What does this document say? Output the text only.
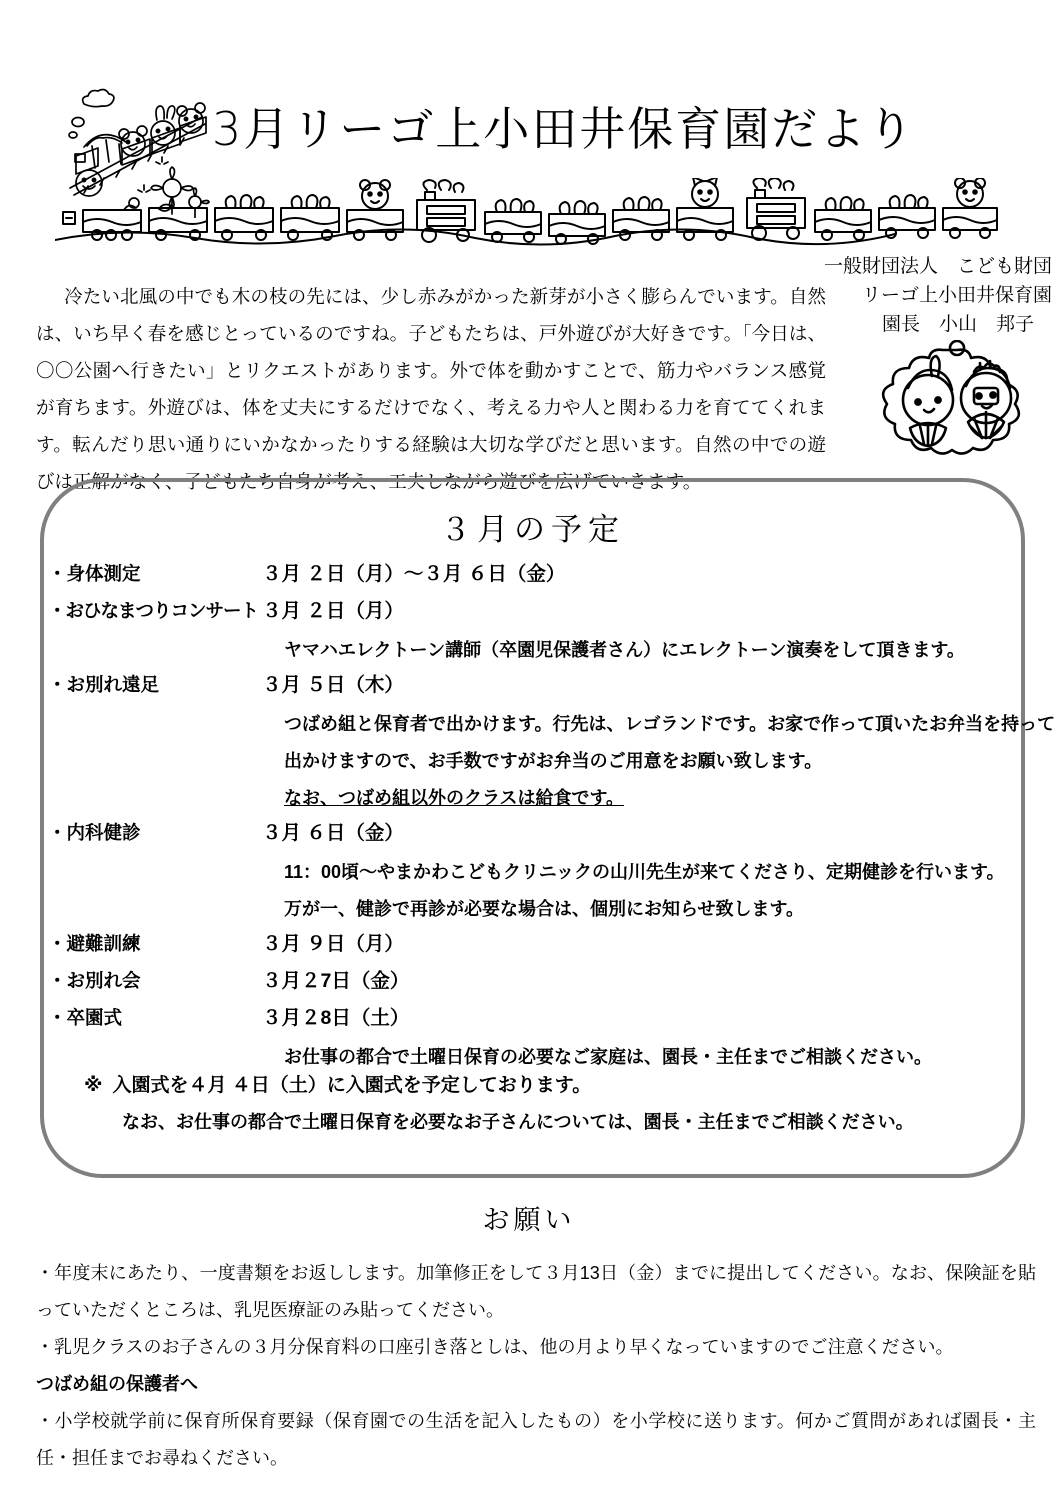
3月リーゴ上小田井保育園だより
一般財団法人　こども財団
リーゴ上小田井保育園
園長　小山　邦子
冷たい北風の中でも木の枝の先には、少し赤みがかった新芽が小さく膨らんでいます。自然は、いち早く春を感じとっているのですね。子どもたちは、戸外遊びが大好きです。「今日は、〇〇公園へ行きたい」とリクエストがあります。外で体を動かすことで、筋力やバランス感覚が育ちます。外遊びは、体を丈夫にするだけでなく、考える力や人と関わる力を育ててくれます。転んだり思い通りにいかなかったりする経験は大切な学びだと思います。自然の中での遊びは正解がなく、子どもたち自身が考え、工夫しながら遊びを広げていきます。
３月の予定
・身体測定	３月 ２日（月）～３月 ６日（金）
・おひなまつりコンサート ３月 ２日（月）
ヤマハエレクトーン講師（卒園児保護者さん）にエレクトーン演奏をして頂きます。
・お別れ遠足	３月 ５日（木）
つばめ組と保育者で出かけます。行先は、レゴランドです。お家で作って頂いたお弁当を持って
出かけますので、お手数ですがお弁当のご用意をお願い致します。
なお、つばめ組以外のクラスは給食です。
・内科健診	３月 ６日（金）
11：00頃～やまかわこどもクリニックの山川先生が来てくださり、定期健診を行います。
万が一、健診で再診が必要な場合は、個別にお知らせ致します。
・避難訓練	３月 ９日（月）
・お別れ会	３月２7日（金）
・卒園式	３月２8日（土）
お仕事の都合で土曜日保育の必要なご家庭は、園長・主任までご相談ください。
※ 入園式を４月 ４日（土）に入園式を予定しております。
なお、お仕事の都合で土曜日保育を必要なお子さんについては、園長・主任までご相談ください。
お願い
・年度末にあたり、一度書類をお返しします。加筆修正をして３月13日（金）までに提出してください。なお、保険証を貼っていただくところは、乳児医療証のみ貼ってください。
・乳児クラスのお子さんの３月分保育料の口座引き落としは、他の月より早くなっていますのでご注意ください。
つばめ組の保護者へ
・小学校就学前に保育所保育要録（保育園での生活を記入したもの）を小学校に送ります。何かご質問があれば園長・主任・担任までお尋ねください。
